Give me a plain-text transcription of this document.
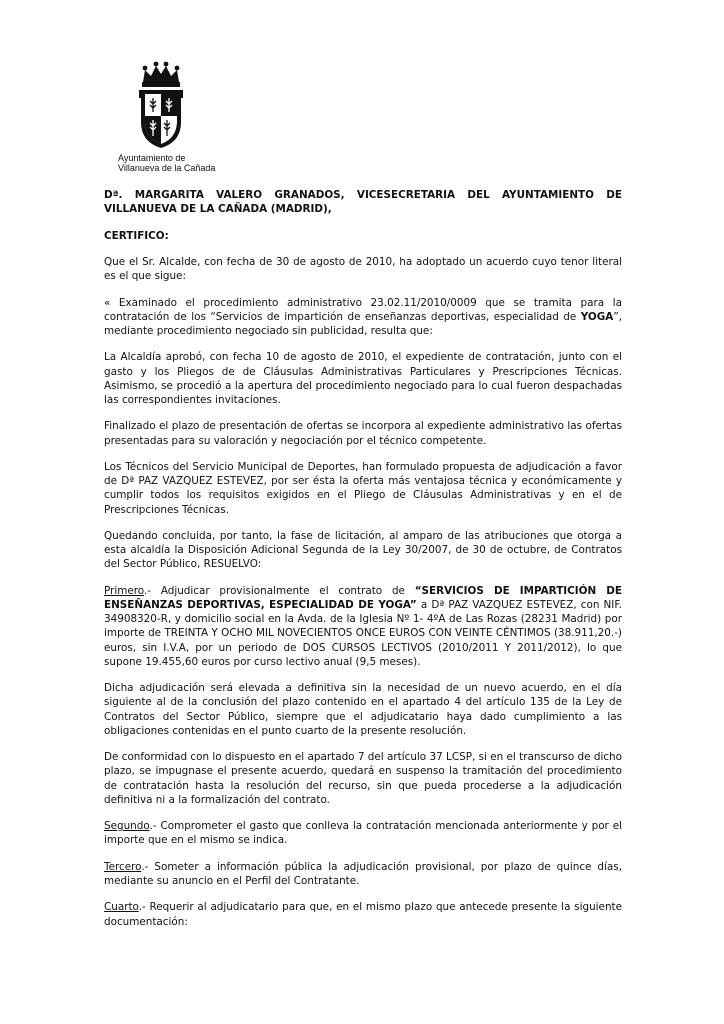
Ayuntamiento de
Villanueva de la Cañada

Dª. MARGARITA VALERO GRANADOS, VICESECRETARIA DEL AYUNTAMIENTO DE VILLANUEVA DE LA CAÑADA (MADRID),

CERTIFICO:

Que el Sr. Alcalde, con fecha de 30 de agosto de 2010, ha adoptado un acuerdo cuyo tenor literal es el que sigue:

« Examinado el procedimiento administrativo 23.02.11/2010/0009 que se tramita para la contratación de los “Servicios de impartición de enseñanzas deportivas, especialidad de YOGA”, mediante procedimiento negociado sin publicidad, resulta que:

La Alcaldía aprobó, con fecha 10 de agosto de 2010, el expediente de contratación, junto con el gasto y los Pliegos de de Cláusulas Administrativas Particulares y Prescripciones Técnicas. Asimismo, se procedió a la apertura del procedimiento negociado para lo cual fueron despachadas las correspondientes invitaciones.

Finalizado el plazo de presentación de ofertas se incorpora al expediente administrativo las ofertas presentadas para su valoración y negociación por el técnico competente.

Los Técnicos del Servicio Municipal de Deportes, han formulado propuesta de adjudicación a favor de Dª PAZ VAZQUEZ ESTEVEZ, por ser ésta la oferta más ventajosa técnica y económicamente y cumplir todos los requisitos exigidos en el Pliego de Cláusulas Administrativas y en el de Prescripciones Técnicas.

Quedando concluida, por tanto, la fase de licitación, al amparo de las atribuciones que otorga a esta alcaldía la Disposición Adicional Segunda de la Ley 30/2007, de 30 de octubre, de Contratos del Sector Público, RESUELVO:

Primero.- Adjudicar provisionalmente el contrato de “SERVICIOS DE IMPARTICIÓN DE ENSEÑANZAS DEPORTIVAS, ESPECIALIDAD DE YOGA” a Dª PAZ VAZQUEZ ESTEVEZ, con NIF. 34908320-R, y domicilio social en la Avda. de la Iglesia Nº 1- 4ºA de Las Rozas (28231 Madrid) por importe de TREINTA Y OCHO MIL NOVECIENTOS ONCE EUROS CON VEINTE CÉNTIMOS (38.911,20.-) euros, sin I.V.A, por un periodo de DOS CURSOS LECTIVOS (2010/2011 Y 2011/2012), lo que supone 19.455,60 euros por curso lectivo anual (9,5 meses).

Dicha adjudicación será elevada a definitiva sin la necesidad de un nuevo acuerdo, en el día siguiente al de la conclusión del plazo contenido en el apartado 4 del artículo 135 de la Ley de Contratos del Sector Público, siempre que el adjudicatario haya dado cumplimiento a las obligaciones contenidas en el punto cuarto de la presente resolución.

De conformidad con lo dispuesto en el apartado 7 del artículo 37 LCSP, si en el transcurso de dicho plazo, se impugnase el presente acuerdo, quedará en suspenso la tramitación del procedimiento de contratación hasta la resolución del recurso, sin que pueda procederse a la adjudicación definitiva ni a la formalización del contrato.

Segundo.- Comprometer el gasto que conlleva la contratación mencionada anteriormente y por el importe que en el mismo se indica.

Tercero.- Someter a información pública la adjudicación provisional, por plazo de quince días, mediante su anuncio en el Perfil del Contratante.

Cuarto.- Requerir al adjudicatario para que, en el mismo plazo que antecede presente la siguiente documentación:
